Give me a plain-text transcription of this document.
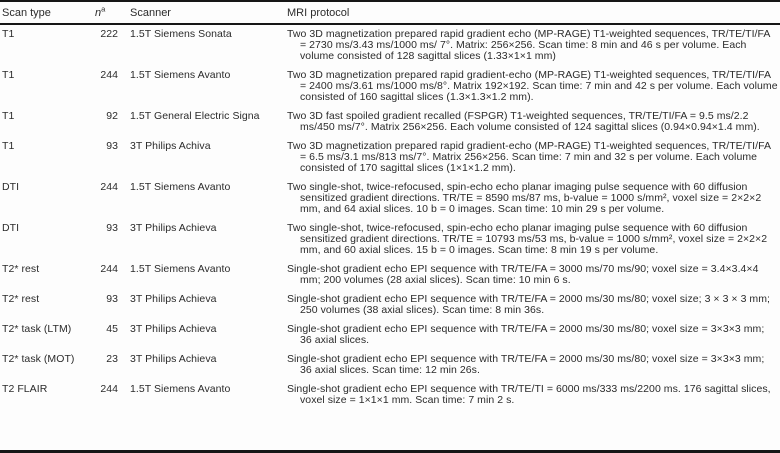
Scan type	$n^a$	Scanner	MRI protocol
T1	222	1.5T Siemens Sonata	Two 3D magnetization prepared rapid gradient echo (MP-RAGE) T1-weighted sequences, TR/TE/TI/FA = 2730 ms/3.43 ms/1000 ms/ 7°. Matrix: 256×256. Scan time: 8 min and 46 s per volume. Each volume consisted of 128 sagittal slices (1.33×1×1 mm)
T1	244	1.5T Siemens Avanto	Two 3D magnetization prepared rapid gradient-echo (MP-RAGE) T1-weighted sequences, TR/TE/TI/FA = 2400 ms/3.61 ms/1000 ms/8°. Matrix 192×192. Scan time: 7 min and 42 s per volume. Each volume consisted of 160 sagittal slices (1.3×1.3×1.2 mm).
T1	92	1.5T General Electric Signa	Two 3D fast spoiled gradient recalled (FSPGR) T1-weighted sequences, TR/TE/TI/FA = 9.5 ms/2.2 ms/450 ms/7°. Matrix 256×256. Each volume consisted of 124 sagittal slices (0.94×0.94×1.4 mm).
T1	93	3T Philips Achiva	Two 3D magnetization prepared rapid gradient-echo (MP-RAGE) T1-weighted sequences, TR/TE/TI/FA = 6.5 ms/3.1 ms/813 ms/7°. Matrix 256×256. Scan time: 7 min and 32 s per volume. Each volume consisted of 170 sagittal slices (1×1×1.2 mm).
DTI	244	1.5T Siemens Avanto	Two single-shot, twice-refocused, spin-echo echo planar imaging pulse sequence with 60 diffusion sensitized gradient directions. TR/TE = 8590 ms/87 ms, b-value = 1000 s/mm², voxel size = 2×2×2 mm, and 64 axial slices. 10 b = 0 images. Scan time: 10 min 29 s per volume.
DTI	93	3T Philips Achieva	Two single-shot, twice-refocused, spin-echo echo planar imaging pulse sequence with 60 diffusion sensitized gradient directions. TR/TE = 10793 ms/53 ms, b-value = 1000 s/mm², voxel size = 2×2×2 mm, and 60 axial slices. 15 b = 0 images. Scan time: 8 min 19 s per volume.
T2* rest	244	1.5T Siemens Avanto	Single-shot gradient echo EPI sequence with TR/TE/FA = 3000 ms/70 ms/90; voxel size = 3.4×3.4×4 mm; 200 volumes (28 axial slices). Scan time: 10 min 6 s.
T2* rest	93	3T Philips Achieva	Single-shot gradient echo EPI sequence with TR/TE/FA = 2000 ms/30 ms/80; voxel size; 3 × 3 × 3 mm; 250 volumes (38 axial slices). Scan time: 8 min 36s.
T2* task (LTM)	45	3T Philips Achieva	Single-shot gradient echo EPI sequence with TR/TE/FA = 2000 ms/30 ms/80; voxel size = 3×3×3 mm; 36 axial slices.
T2* task (MOT)	23	3T Philips Achieva	Single-shot gradient echo EPI sequence with TR/TE/FA = 2000 ms/30 ms/80; voxel size = 3×3×3 mm; 36 axial slices. Scan time: 12 min 26s.
T2 FLAIR	244	1.5T Siemens Avanto	Single-shot gradient echo EPI sequence with TR/TE/TI = 6000 ms/333 ms/2200 ms. 176 sagittal slices, voxel size = 1×1×1 mm. Scan time: 7 min 2 s.
